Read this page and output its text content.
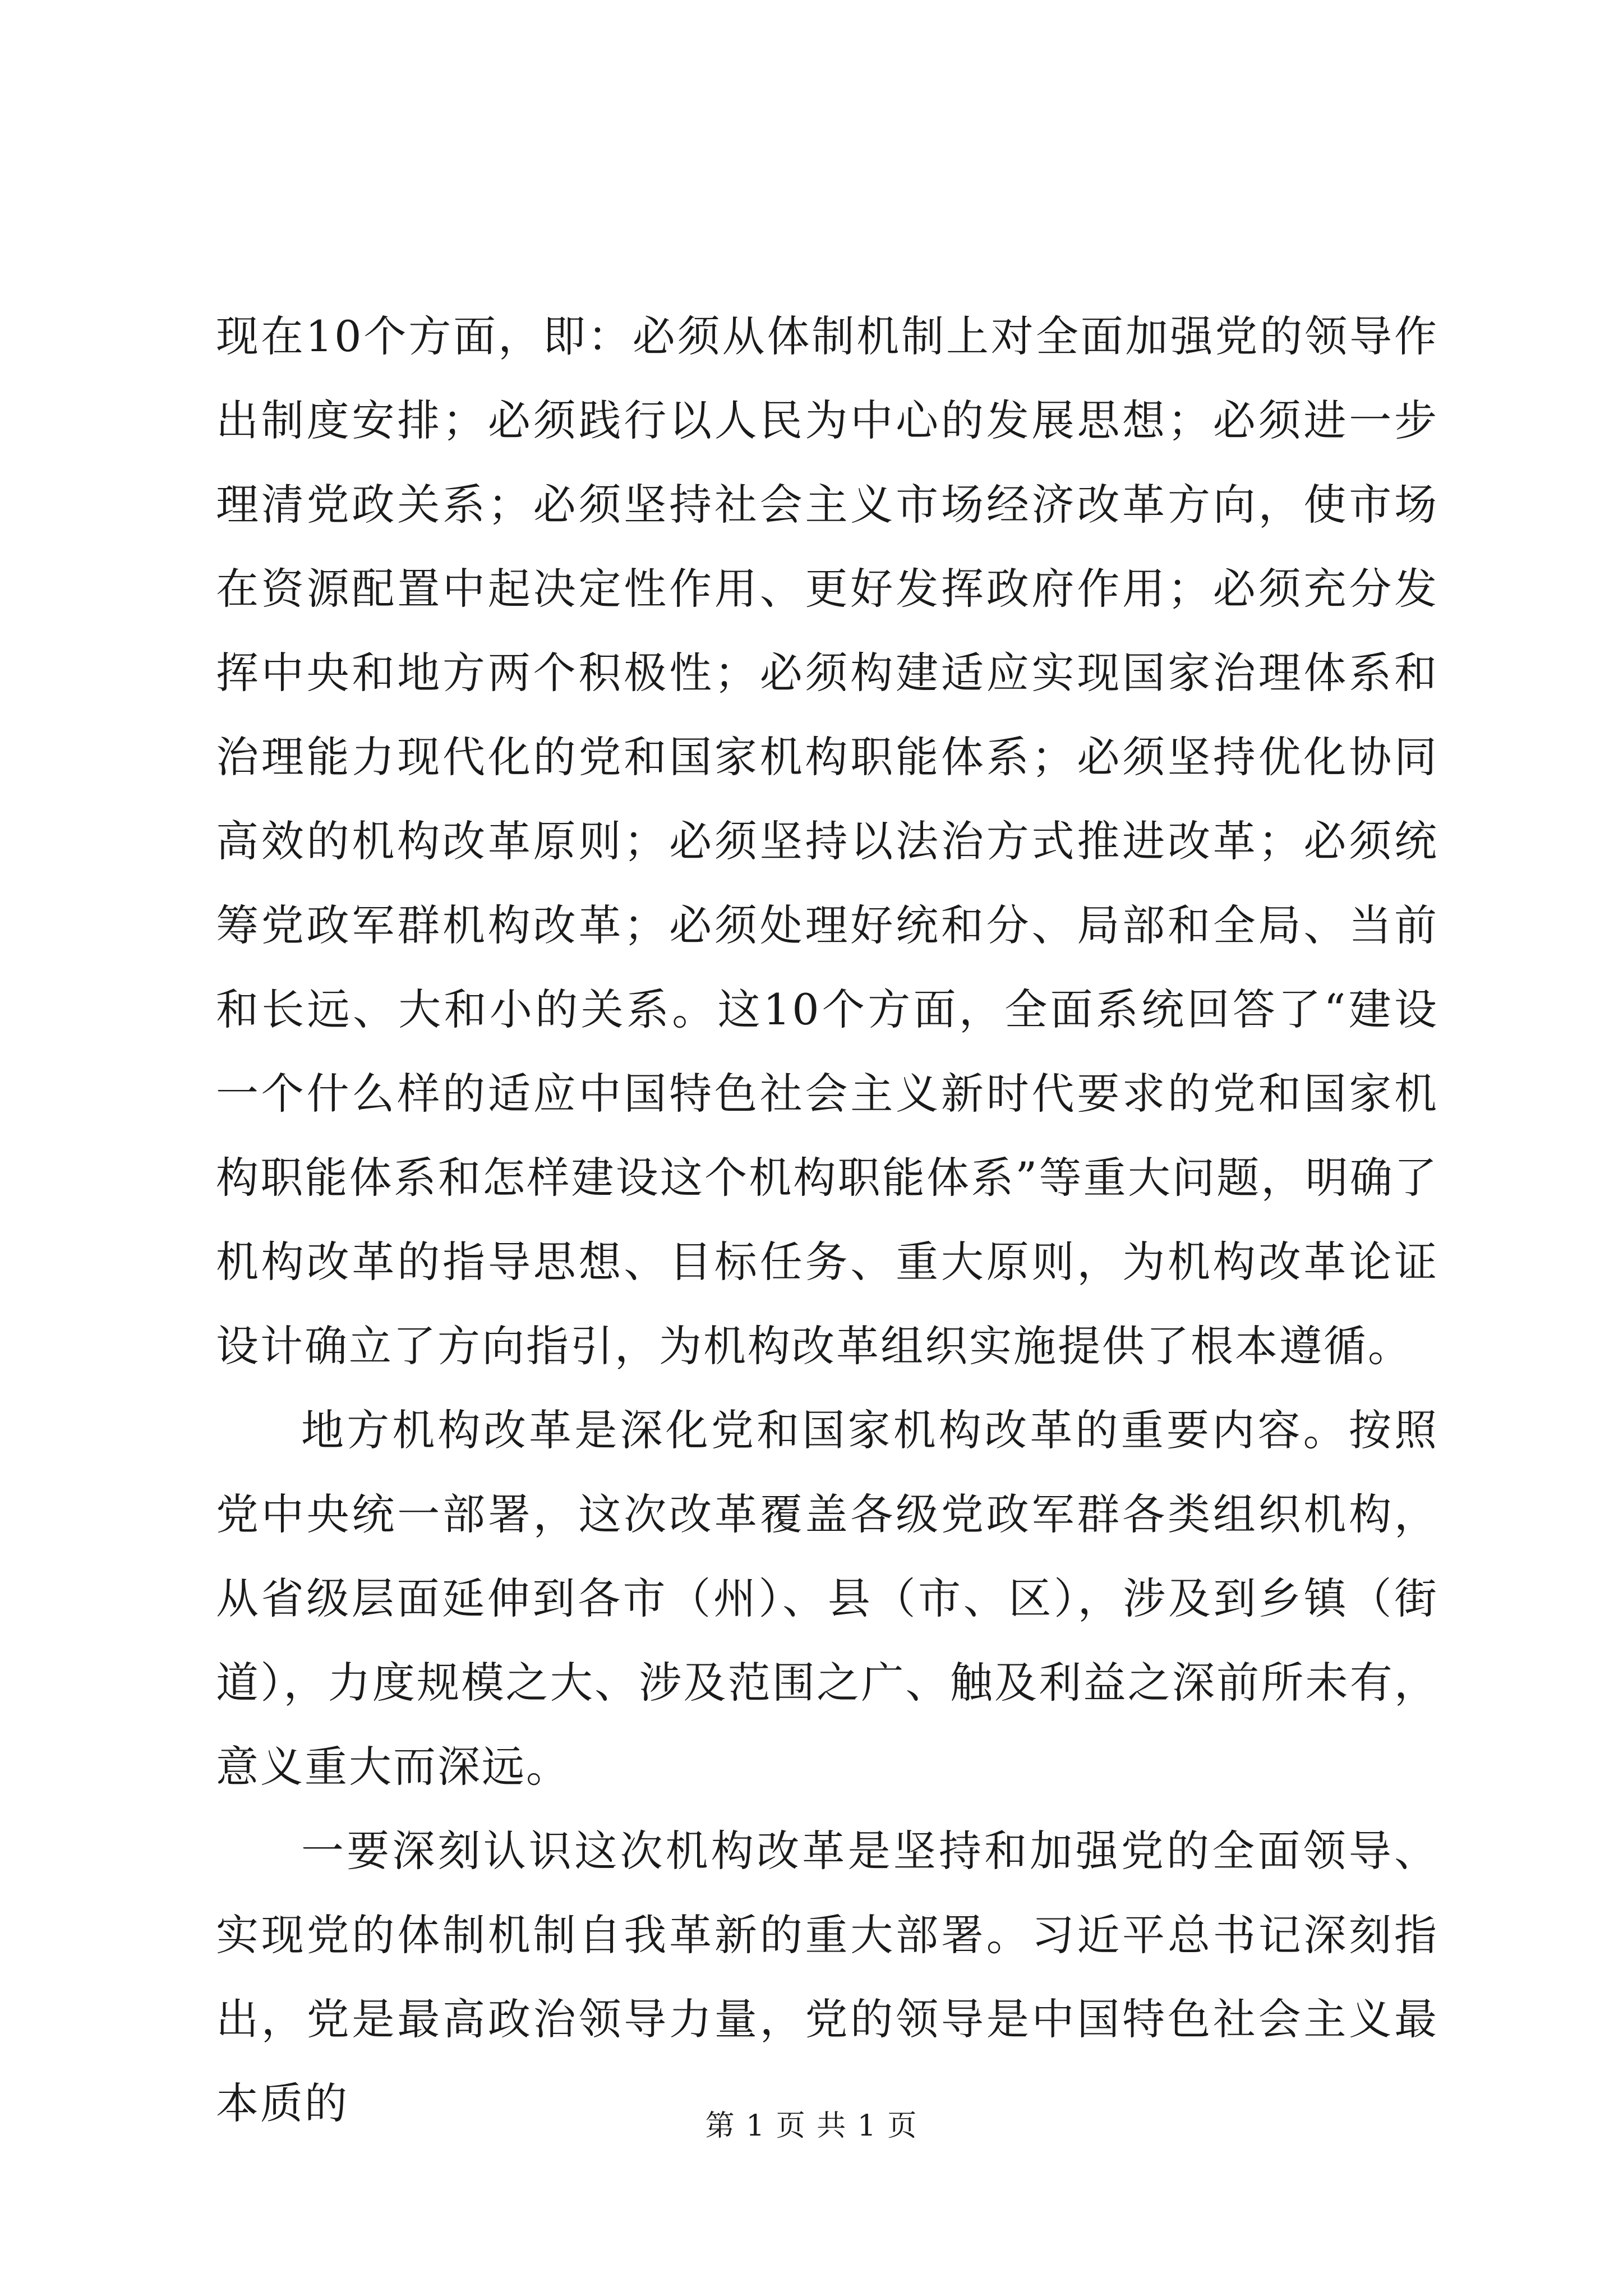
现在10个方面，即：必须从体制机制上对全面加强党的领导作出制度安排；必须践行以人民为中心的发展思想；必须进一步理清党政关系；必须坚持社会主义市场经济改革方向，使市场在资源配置中起决定性作用、更好发挥政府作用；必须充分发挥中央和地方两个积极性；必须构建适应实现国家治理体系和治理能力现代化的党和国家机构职能体系；必须坚持优化协同高效的机构改革原则；必须坚持以法治方式推进改革；必须统筹党政军群机构改革；必须处理好统和分、局部和全局、当前和长远、大和小的关系。这10个方面，全面系统回答了“建设一个什么样的适应中国特色社会主义新时代要求的党和国家机构职能体系和怎样建设这个机构职能体系”等重大问题，明确了机构改革的指导思想、目标任务、重大原则，为机构改革论证设计确立了方向指引，为机构改革组织实施提供了根本遵循。

地方机构改革是深化党和国家机构改革的重要内容。按照党中央统一部署，这次改革覆盖各级党政军群各类组织机构，从省级层面延伸到各市（州）、县（市、区），涉及到乡镇（街道），力度规模之大、涉及范围之广、触及利益之深前所未有，意义重大而深远。

一要深刻认识这次机构改革是坚持和加强党的全面领导、实现党的体制机制自我革新的重大部署。习近平总书记深刻指出，党是最高政治领导力量，党的领导是中国特色社会主义最本质的	第 1 页 共 1 页
